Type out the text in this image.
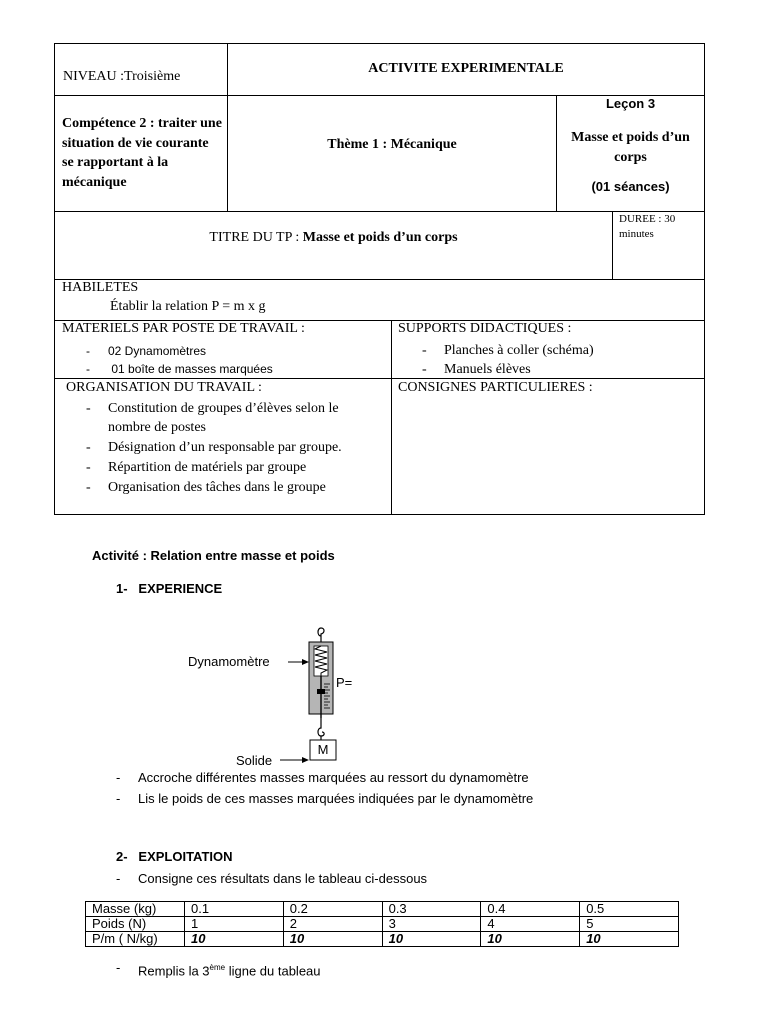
NIVEAU :Troisième
ACTIVITE EXPERIMENTALE
Compétence 2 : traiter une situation de vie courante se rapportant à la mécanique
Thème 1 : Mécanique
Leçon 3
Masse et poids d’un corps
(01 séances)
TITRE DU TP : Masse et poids d’un corps
DUREE : 30 minutes
HABILETES
Établir la relation P = m x g
MATERIELS PAR POSTE DE TRAVAIL :
- 02 Dynamomètres
- 01 boîte de masses marquées
SUPPORTS DIDACTIQUES :
- Planches à coller (schéma)
- Manuels élèves
ORGANISATION DU TRAVAIL :
- Constitution de groupes d’élèves selon le nombre de postes
- Désignation d’un responsable par groupe.
- Répartition de matériels par groupe
- Organisation des tâches dans le groupe
CONSIGNES PARTICULIERES :
Activité : Relation entre masse et poids
1-   EXPERIENCE
Dynamomètre
P=
Solide
M
- Accroche différentes masses marquées au ressort du dynamomètre
- Lis le poids de ces masses marquées indiquées par le dynamomètre
2-   EXPLOITATION
- Consigne ces résultats dans le tableau ci-dessous
Masse (kg)	0.1	0.2	0.3	0.4	0.5
Poids (N)	1	2	3	4	5
P/m ( N/kg)	10	10	10	10	10
- Remplis la 3ème ligne du tableau
